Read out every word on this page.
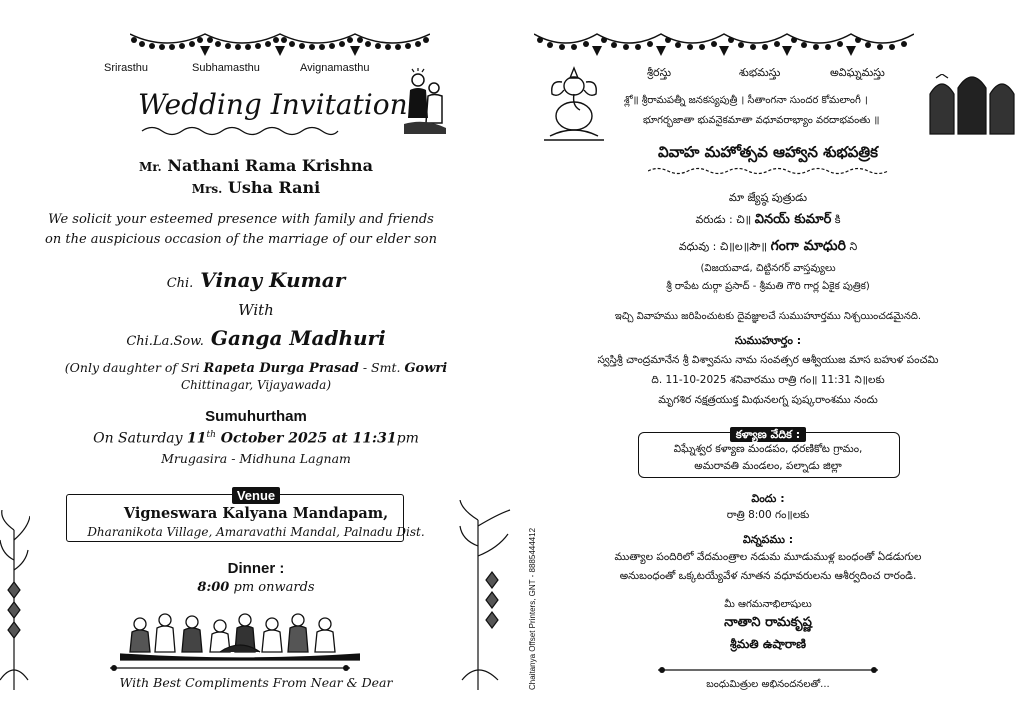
Srirasthu	Subhamasthu	Avignamasthu
Wedding Invitation
Mr. Nathani Rama Krishna
Mrs. Usha Rani
We solicit your esteemed presence with family and friends on the auspicious occasion of the marriage of our elder son
Chi. Vinay Kumar
With
Chi.La.Sow. Ganga Madhuri
(Only daughter of Sri Rapeta Durga Prasad - Smt. Gowri
Chittinagar, Vijayawada)
Sumuhurtham
On Saturday 11th October 2025 at 11:31pm
Mrugasira - Midhuna Lagnam
Venue
Vigneswara Kalyana Mandapam,
Dharanikota Village, Amaravathi Mandal, Palnadu Dist.
Dinner :
8:00 pm onwards
With Best Compliments From Near & Dear
శ్రీరస్తు	శుభమస్తు	అవిఘ్నమస్తు
శ్లో॥ శ్రీరామపత్నీ జనకస్యపుత్రీ । సీతాంగనా సుందర కోమలాంగీ ।
భూగర్భజాతా భువనైకమాతా వధూవరాభ్యాం వరదాభవంతు ॥
వివాహ మహోత్సవ ఆహ్వాన శుభపత్రిక
మా జ్యేష్ఠ పుత్రుడు
వరుడు : చి॥ వినయ్ కుమార్ కి
వధువు : చి॥ల॥సౌ॥ గంగా మాధురి ని
(విజయవాడ, చిట్టినగర్ వాస్తవ్యులు
శ్రీ రాపేట దుర్గా ప్రసాద్ - శ్రీమతి గౌరి గార్ల ఏకైక పుత్రిక)
ఇచ్చి వివాహము జరిపించుటకు దైవజ్ఞులచే సుముహూర్తము నిశ్చయించడమైనది.
సుముహూర్తం :
స్వస్తిశ్రీ చాంద్రమానేన శ్రీ విశ్వావసు నామ సంవత్సర ఆశ్వీయుజ మాస బహుళ పంచమి
ది. 11-10-2025 శనివారము రాత్రి గం॥ 11:31 ని॥లకు
మృగశిర నక్షత్రయుక్త మిథునలగ్న పుష్కరాంశము నందు
కళ్యాణ వేదిక :
విఘ్నేశ్వర కళ్యాణ మండపం, ధరణికోట గ్రామం,
అమరావతి మండలం, పల్నాడు జిల్లా
విందు :
రాత్రి 8:00 గం॥లకు
విన్నపము :
ముత్యాల పందిరిలో వేదమంత్రాల నడుమ మూడుముళ్ల బంధంతో ఏడడుగుల
అనుబంధంతో ఒక్కటయ్యేవేళ నూతన వధూవరులను ఆశీర్వదించ రారండి.
మీ ఆగమనాభిలాషులు
నాతాని రామకృష్ణ
శ్రీమతి ఉషారాణి
బంధుమిత్రుల అభినందనలతో...
Chaitanya Offset Printers, GNT - 8885444412
